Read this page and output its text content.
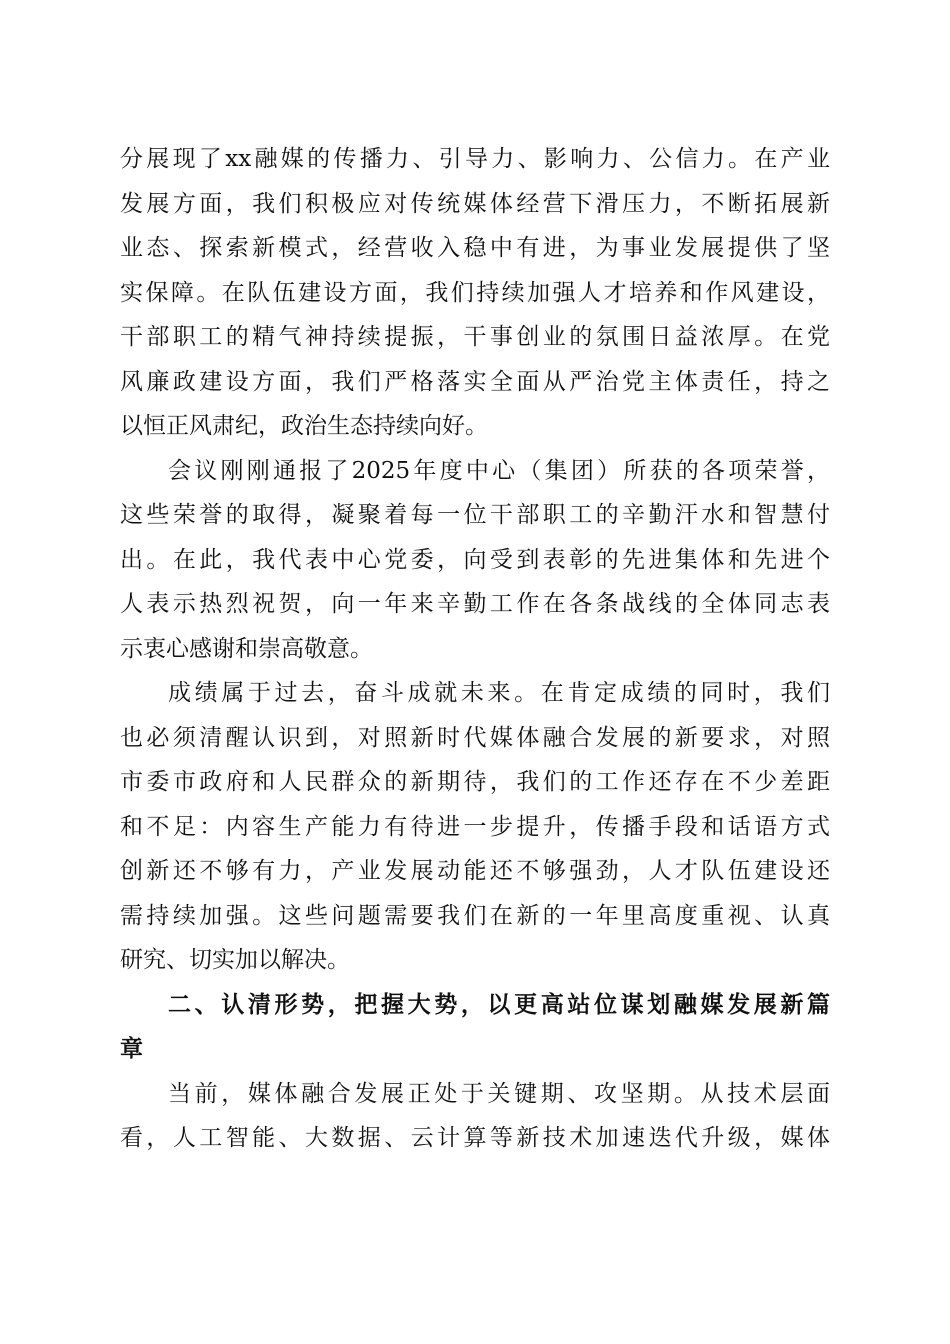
分展现了xx融媒的传播力、引导力、影响力、公信力。在产业
发展方面，我们积极应对传统媒体经营下滑压力，不断拓展新
业态、探索新模式，经营收入稳中有进，为事业发展提供了坚
实保障。在队伍建设方面，我们持续加强人才培养和作风建设，
干部职工的精气神持续提振，干事创业的氛围日益浓厚。在党
风廉政建设方面，我们严格落实全面从严治党主体责任，持之
以恒正风肃纪，政治生态持续向好。
会议刚刚通报了2025年度中心（集团）所获的各项荣誉，
这些荣誉的取得，凝聚着每一位干部职工的辛勤汗水和智慧付
出。在此，我代表中心党委，向受到表彰的先进集体和先进个
人表示热烈祝贺，向一年来辛勤工作在各条战线的全体同志表
示衷心感谢和崇高敬意。
成绩属于过去，奋斗成就未来。在肯定成绩的同时，我们
也必须清醒认识到，对照新时代媒体融合发展的新要求，对照
市委市政府和人民群众的新期待，我们的工作还存在不少差距
和不足：内容生产能力有待进一步提升，传播手段和话语方式
创新还不够有力，产业发展动能还不够强劲，人才队伍建设还
需持续加强。这些问题需要我们在新的一年里高度重视、认真
研究、切实加以解决。
二、认清形势，把握大势，以更高站位谋划融媒发展新篇
章
当前，媒体融合发展正处于关键期、攻坚期。从技术层面
看，人工智能、大数据、云计算等新技术加速迭代升级，媒体
